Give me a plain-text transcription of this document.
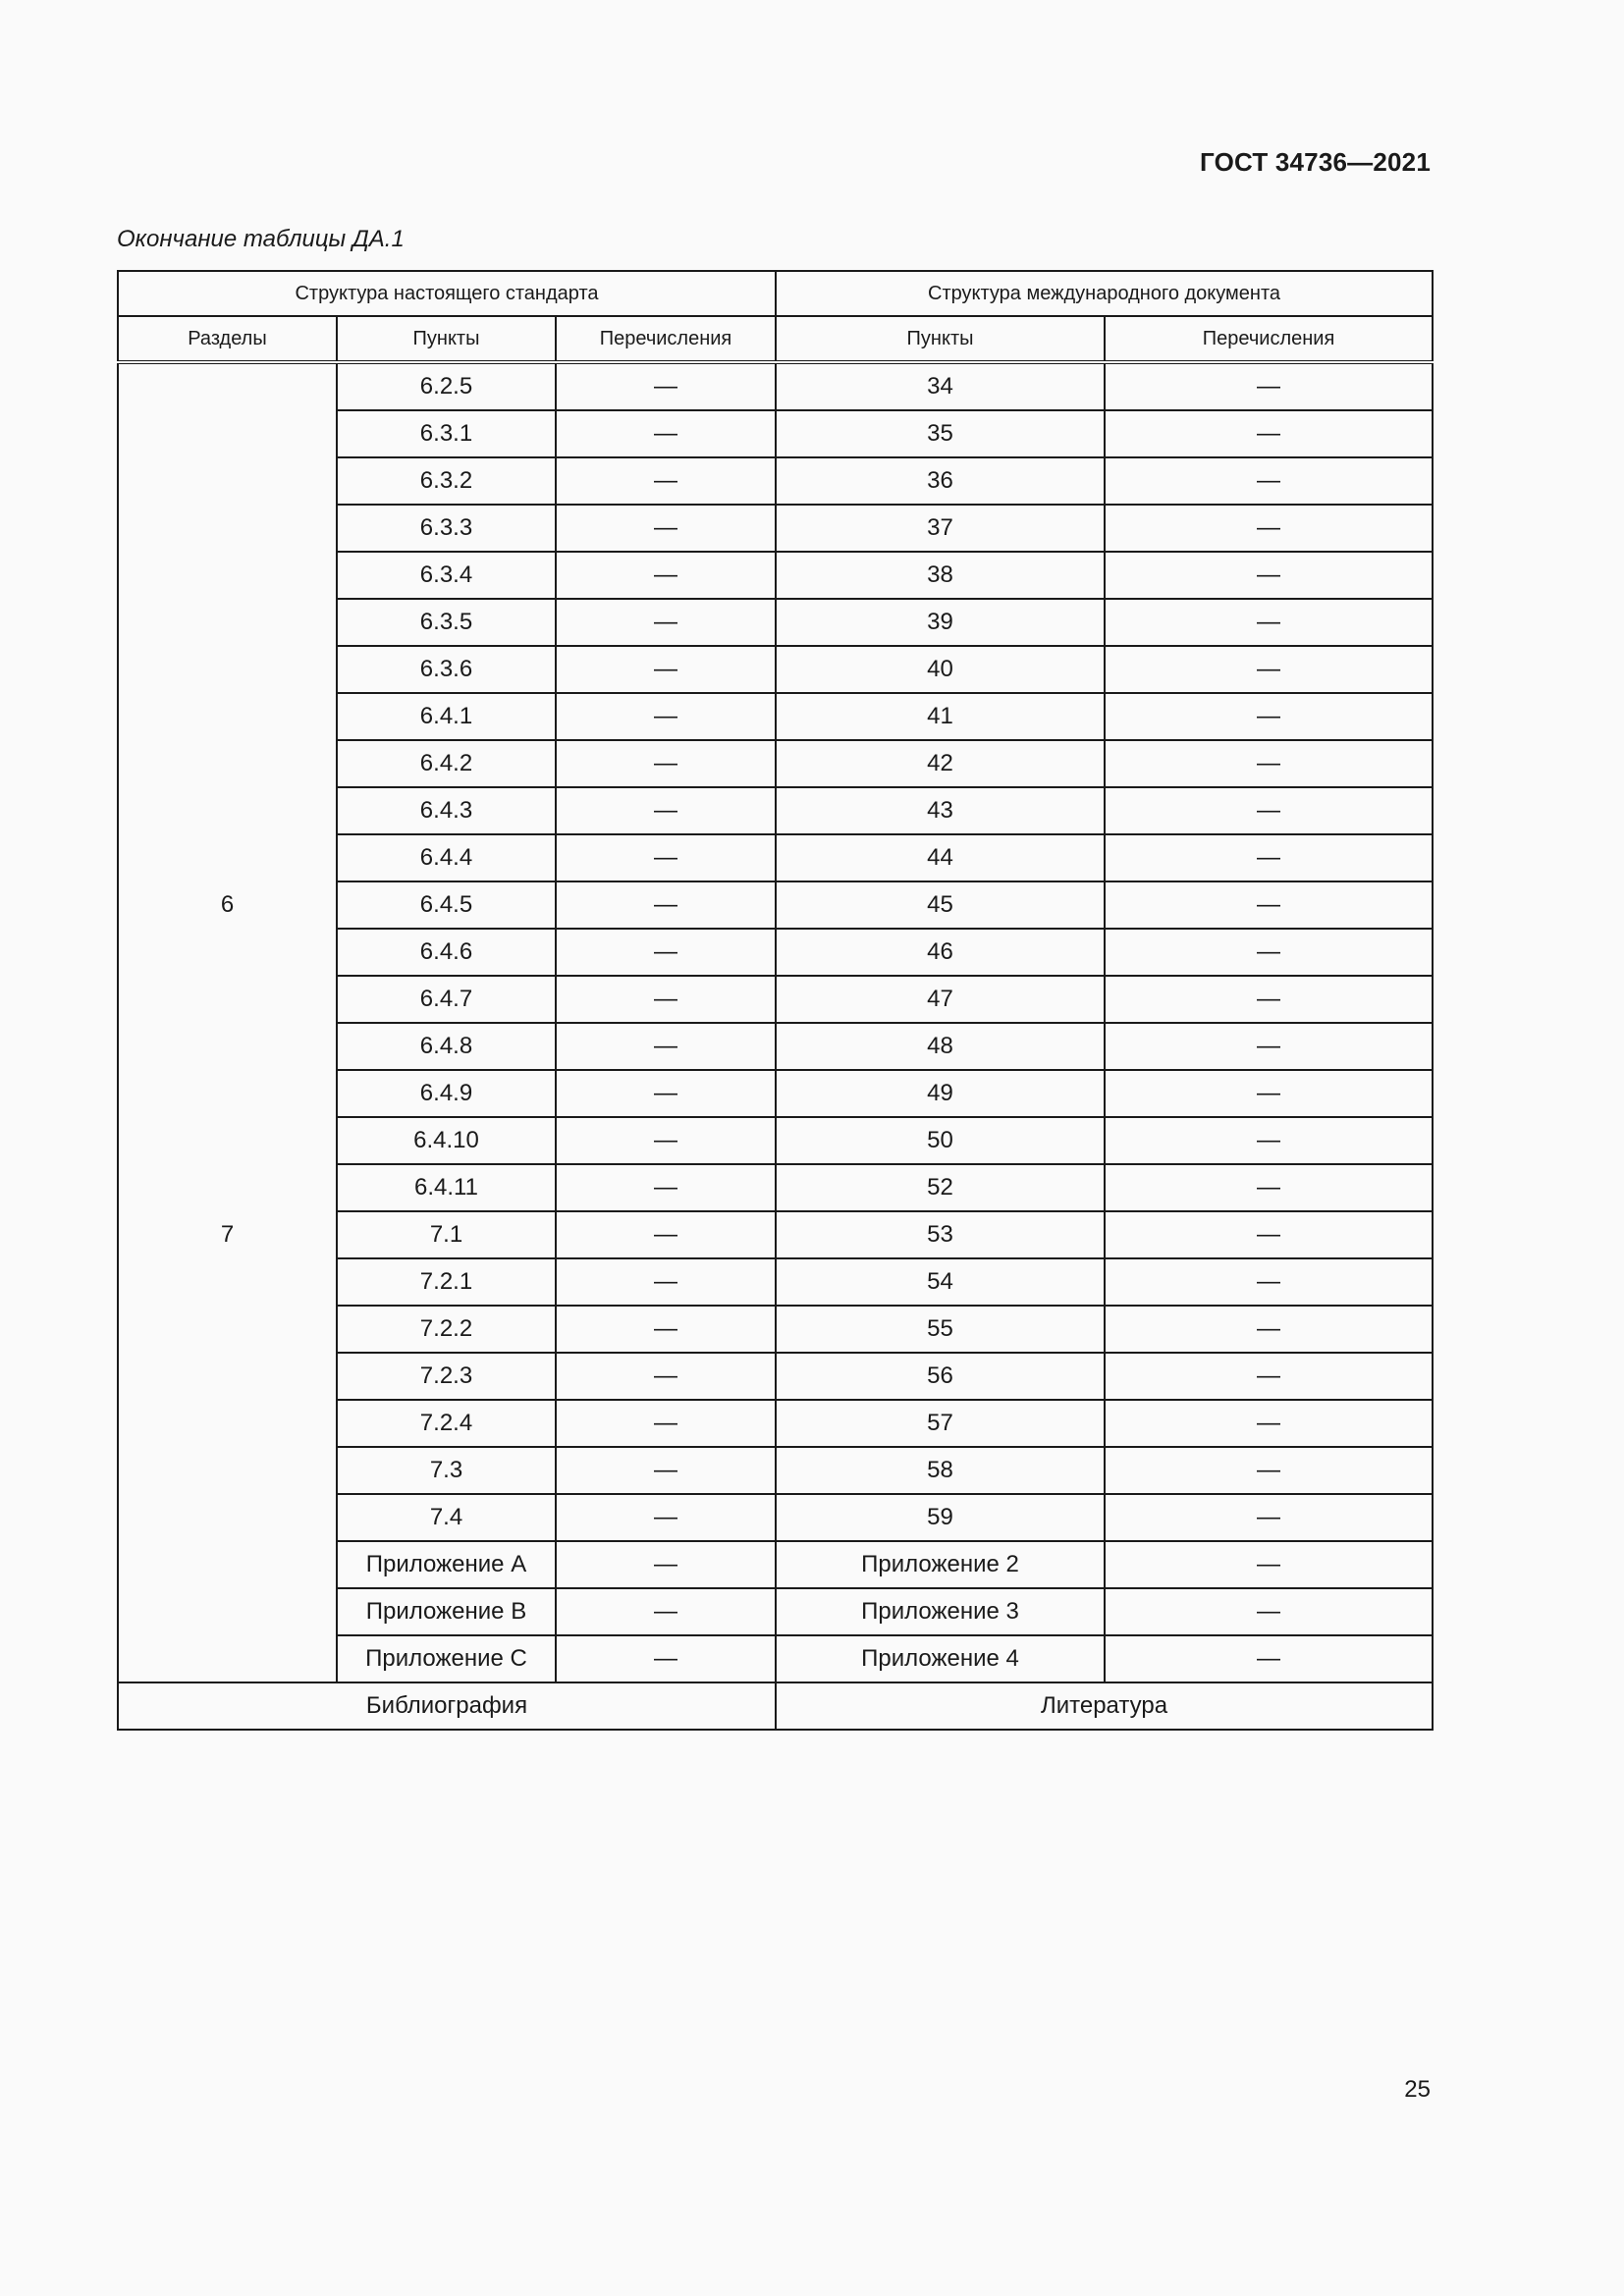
ГОСТ 34736—2021
Окончание таблицы ДА.1
Структура настоящего стандарта			Структура международного документа	
Разделы	Пункты	Перечисления	Пункты	Перечисления
	6.2.5	—	34	—
	6.3.1	—	35	—
	6.3.2	—	36	—
	6.3.3	—	37	—
	6.3.4	—	38	—
	6.3.5	—	39	—
	6.3.6	—	40	—
	6.4.1	—	41	—
	6.4.2	—	42	—
	6.4.3	—	43	—
	6.4.4	—	44	—
6	6.4.5	—	45	—
	6.4.6	—	46	—
	6.4.7	—	47	—
	6.4.8	—	48	—
	6.4.9	—	49	—
	6.4.10	—	50	—
	6.4.11	—	52	—
7	7.1	—	53	—
	7.2.1	—	54	—
	7.2.2	—	55	—
	7.2.3	—	56	—
	7.2.4	—	57	—
	7.3	—	58	—
	7.4	—	59	—
	Приложение А	—	Приложение 2	—
	Приложение В	—	Приложение 3	—
	Приложение С	—	Приложение 4	—
Библиография			Литература	
25
